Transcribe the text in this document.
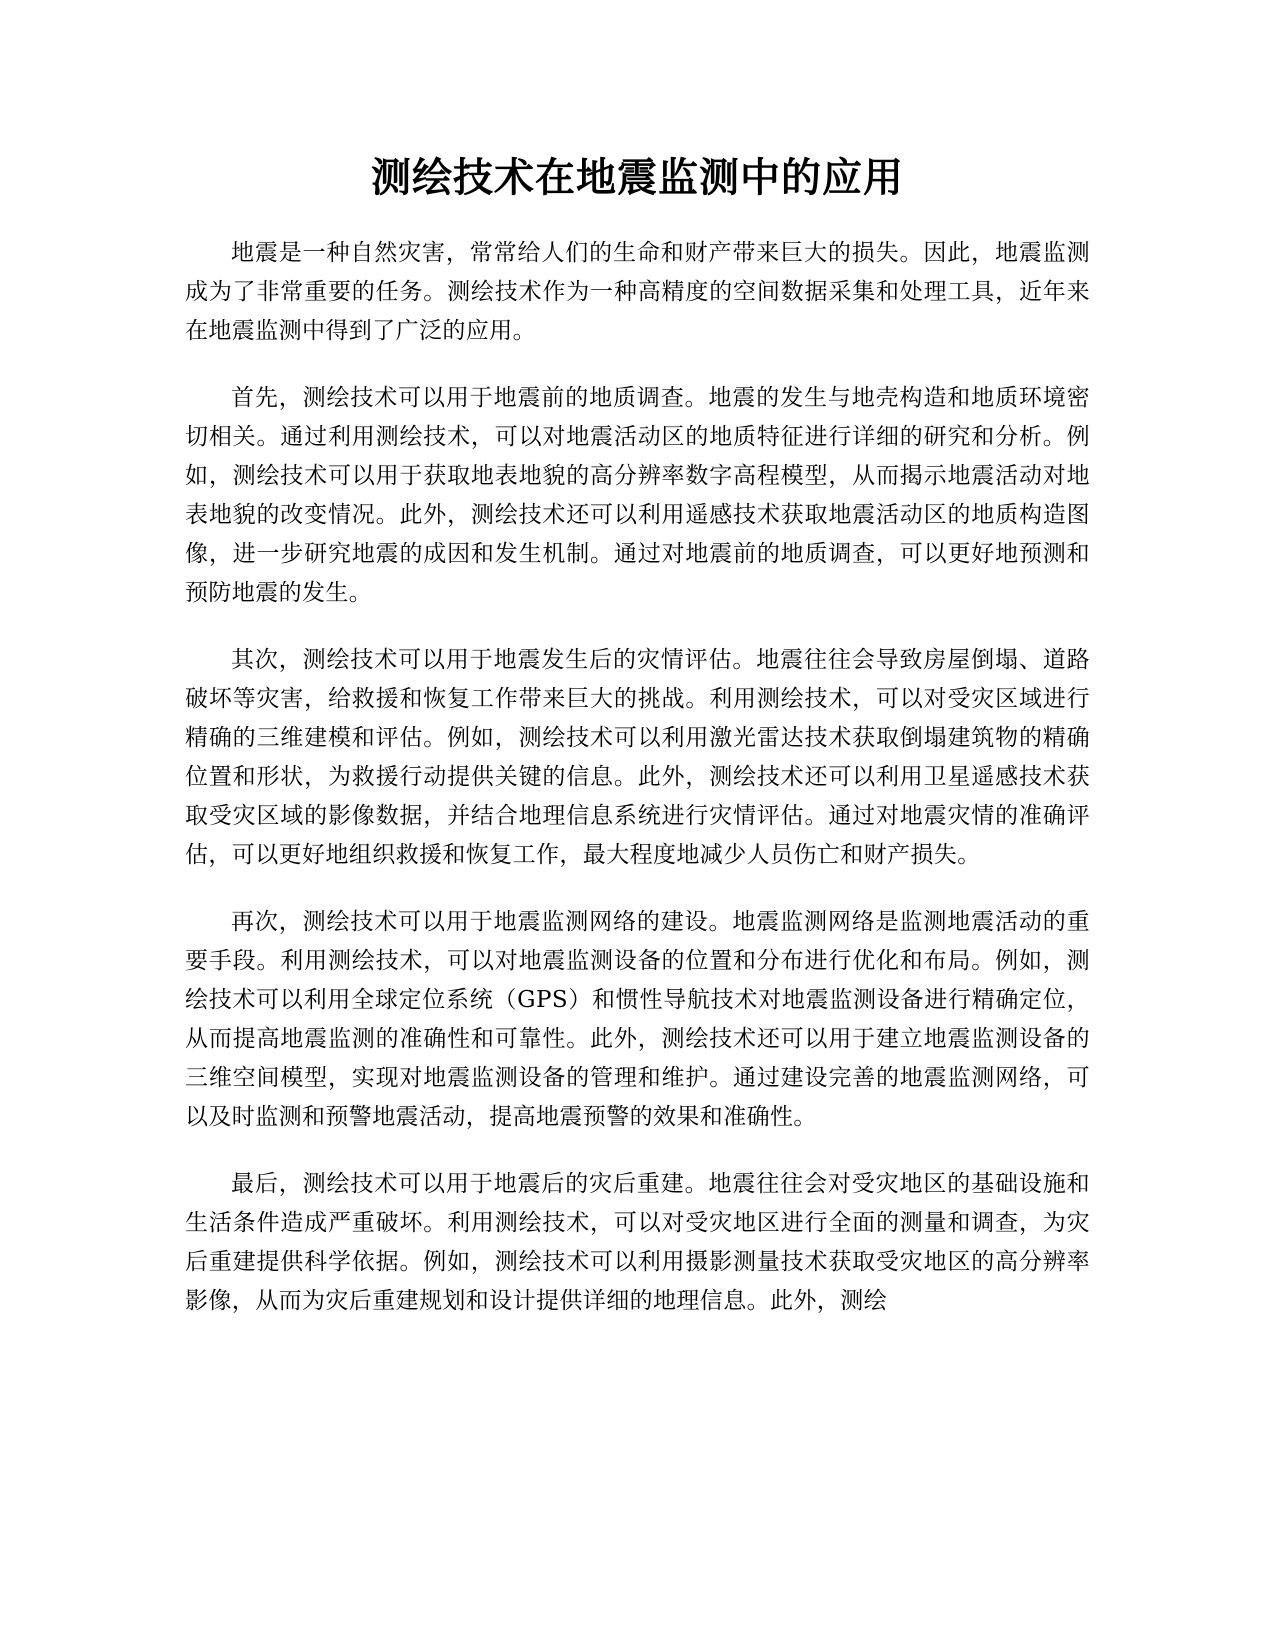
测绘技术在地震监测中的应用

地震是一种自然灾害，常常给人们的生命和财产带来巨大的损失。因此，地震监测成为了非常重要的任务。测绘技术作为一种高精度的空间数据采集和处理工具，近年来在地震监测中得到了广泛的应用。

首先，测绘技术可以用于地震前的地质调查。地震的发生与地壳构造和地质环境密切相关。通过利用测绘技术，可以对地震活动区的地质特征进行详细的研究和分析。例如，测绘技术可以用于获取地表地貌的高分辨率数字高程模型，从而揭示地震活动对地表地貌的改变情况。此外，测绘技术还可以利用遥感技术获取地震活动区的地质构造图像，进一步研究地震的成因和发生机制。通过对地震前的地质调查，可以更好地预测和预防地震的发生。

其次，测绘技术可以用于地震发生后的灾情评估。地震往往会导致房屋倒塌、道路破坏等灾害，给救援和恢复工作带来巨大的挑战。利用测绘技术，可以对受灾区域进行精确的三维建模和评估。例如，测绘技术可以利用激光雷达技术获取倒塌建筑物的精确位置和形状，为救援行动提供关键的信息。此外，测绘技术还可以利用卫星遥感技术获取受灾区域的影像数据，并结合地理信息系统进行灾情评估。通过对地震灾情的准确评估，可以更好地组织救援和恢复工作，最大程度地减少人员伤亡和财产损失。

再次，测绘技术可以用于地震监测网络的建设。地震监测网络是监测地震活动的重要手段。利用测绘技术，可以对地震监测设备的位置和分布进行优化和布局。例如，测绘技术可以利用全球定位系统（GPS）和惯性导航技术对地震监测设备进行精确定位，从而提高地震监测的准确性和可靠性。此外，测绘技术还可以用于建立地震监测设备的三维空间模型，实现对地震监测设备的管理和维护。通过建设完善的地震监测网络，可以及时监测和预警地震活动，提高地震预警的效果和准确性。

最后，测绘技术可以用于地震后的灾后重建。地震往往会对受灾地区的基础设施和生活条件造成严重破坏。利用测绘技术，可以对受灾地区进行全面的测量和调查，为灾后重建提供科学依据。例如，测绘技术可以利用摄影测量技术获取受灾地区的高分辨率影像，从而为灾后重建规划和设计提供详细的地理信息。此外，测绘
